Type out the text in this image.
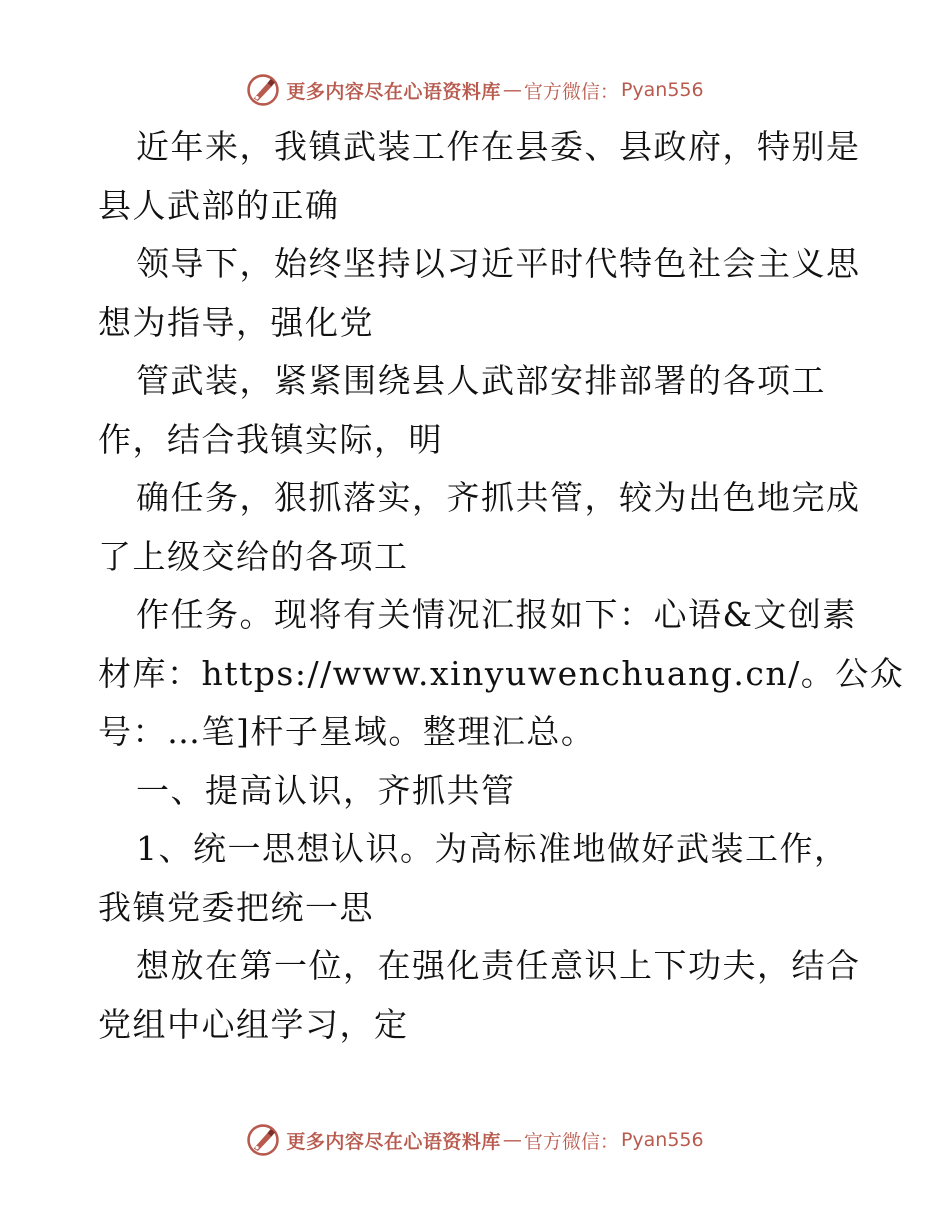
更多内容尽在心语资料库 — 官方微信： Pyan556
近年来，我镇武装工作在县委、县政府，特别是
县人武部的正确
领导下，始终坚持以习近平时代特色社会主义思
想为指导，强化党
管武装，紧紧围绕县人武部安排部署的各项工
作，结合我镇实际，明
确任务，狠抓落实，齐抓共管，较为出色地完成
了上级交给的各项工
作任务。现将有关情况汇报如下：心语&文创素
材库：https://www.xinyuwenchuang.cn/。公众
号：…笔]杆子星域。整理汇总。
一、提高认识，齐抓共管
1、统一思想认识。为高标准地做好武装工作，
我镇党委把统一思
想放在第一位，在强化责任意识上下功夫，结合
党组中心组学习，定
更多内容尽在心语资料库 — 官方微信： Pyan556
